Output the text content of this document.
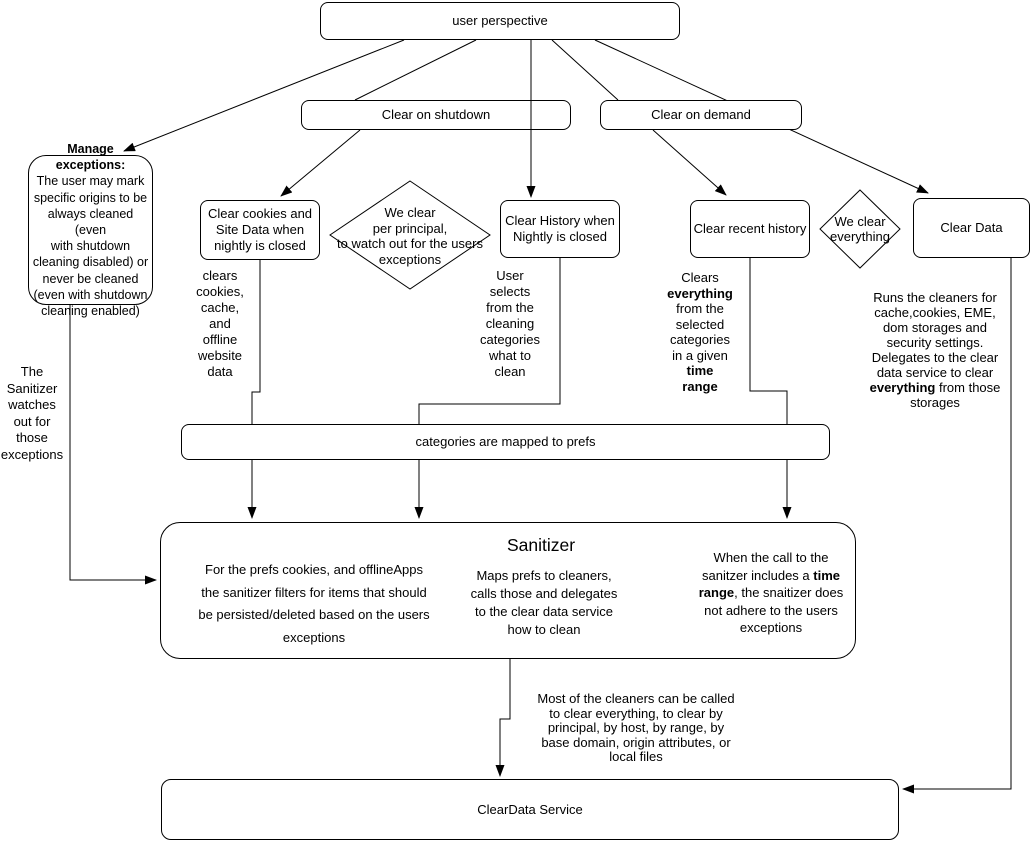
user perspective
Clear on shutdown	Clear on demand
Manage exceptions:
The user may mark
specific origins to be
always cleaned (even
with shutdown
cleaning disabled) or
never be cleaned
(even with shutdown
cleaning enabled)
Clear cookies and
Site Data when
nightly is closed
Clear History when
Nightly is closed
Clear recent history	Clear Data
categories are mapped to prefs
Sanitizer
For the prefs cookies, and offlineApps
the sanitizer filters for items that should
be persisted/deleted based on the users
exceptions
Maps prefs to cleaners,
calls those and delegates
to the clear data service
how to clean
When the call to the
sanitzer includes a time
range, the snaitizer does
not adhere to the users
exceptions
ClearData Service
We clear
per principal,
to watch out for the users
exceptions
We clear
everything
The
Sanitizer
watches
out for
those
exceptions
clears
cookies,
cache,
and
offline
website
data
User
selects
from the
cleaning
categories
what to
clean
Clears
everything
from the
selected
categories
in a given
time
range
Runs the cleaners for
cache,cookies, EME,
dom storages and
security settings.
Delegates to the clear
data service to clear
everything from those
storages
Most of the cleaners can be called
to clear everything, to clear by
principal, by host, by range, by
base domain, origin attributes, or
local files
